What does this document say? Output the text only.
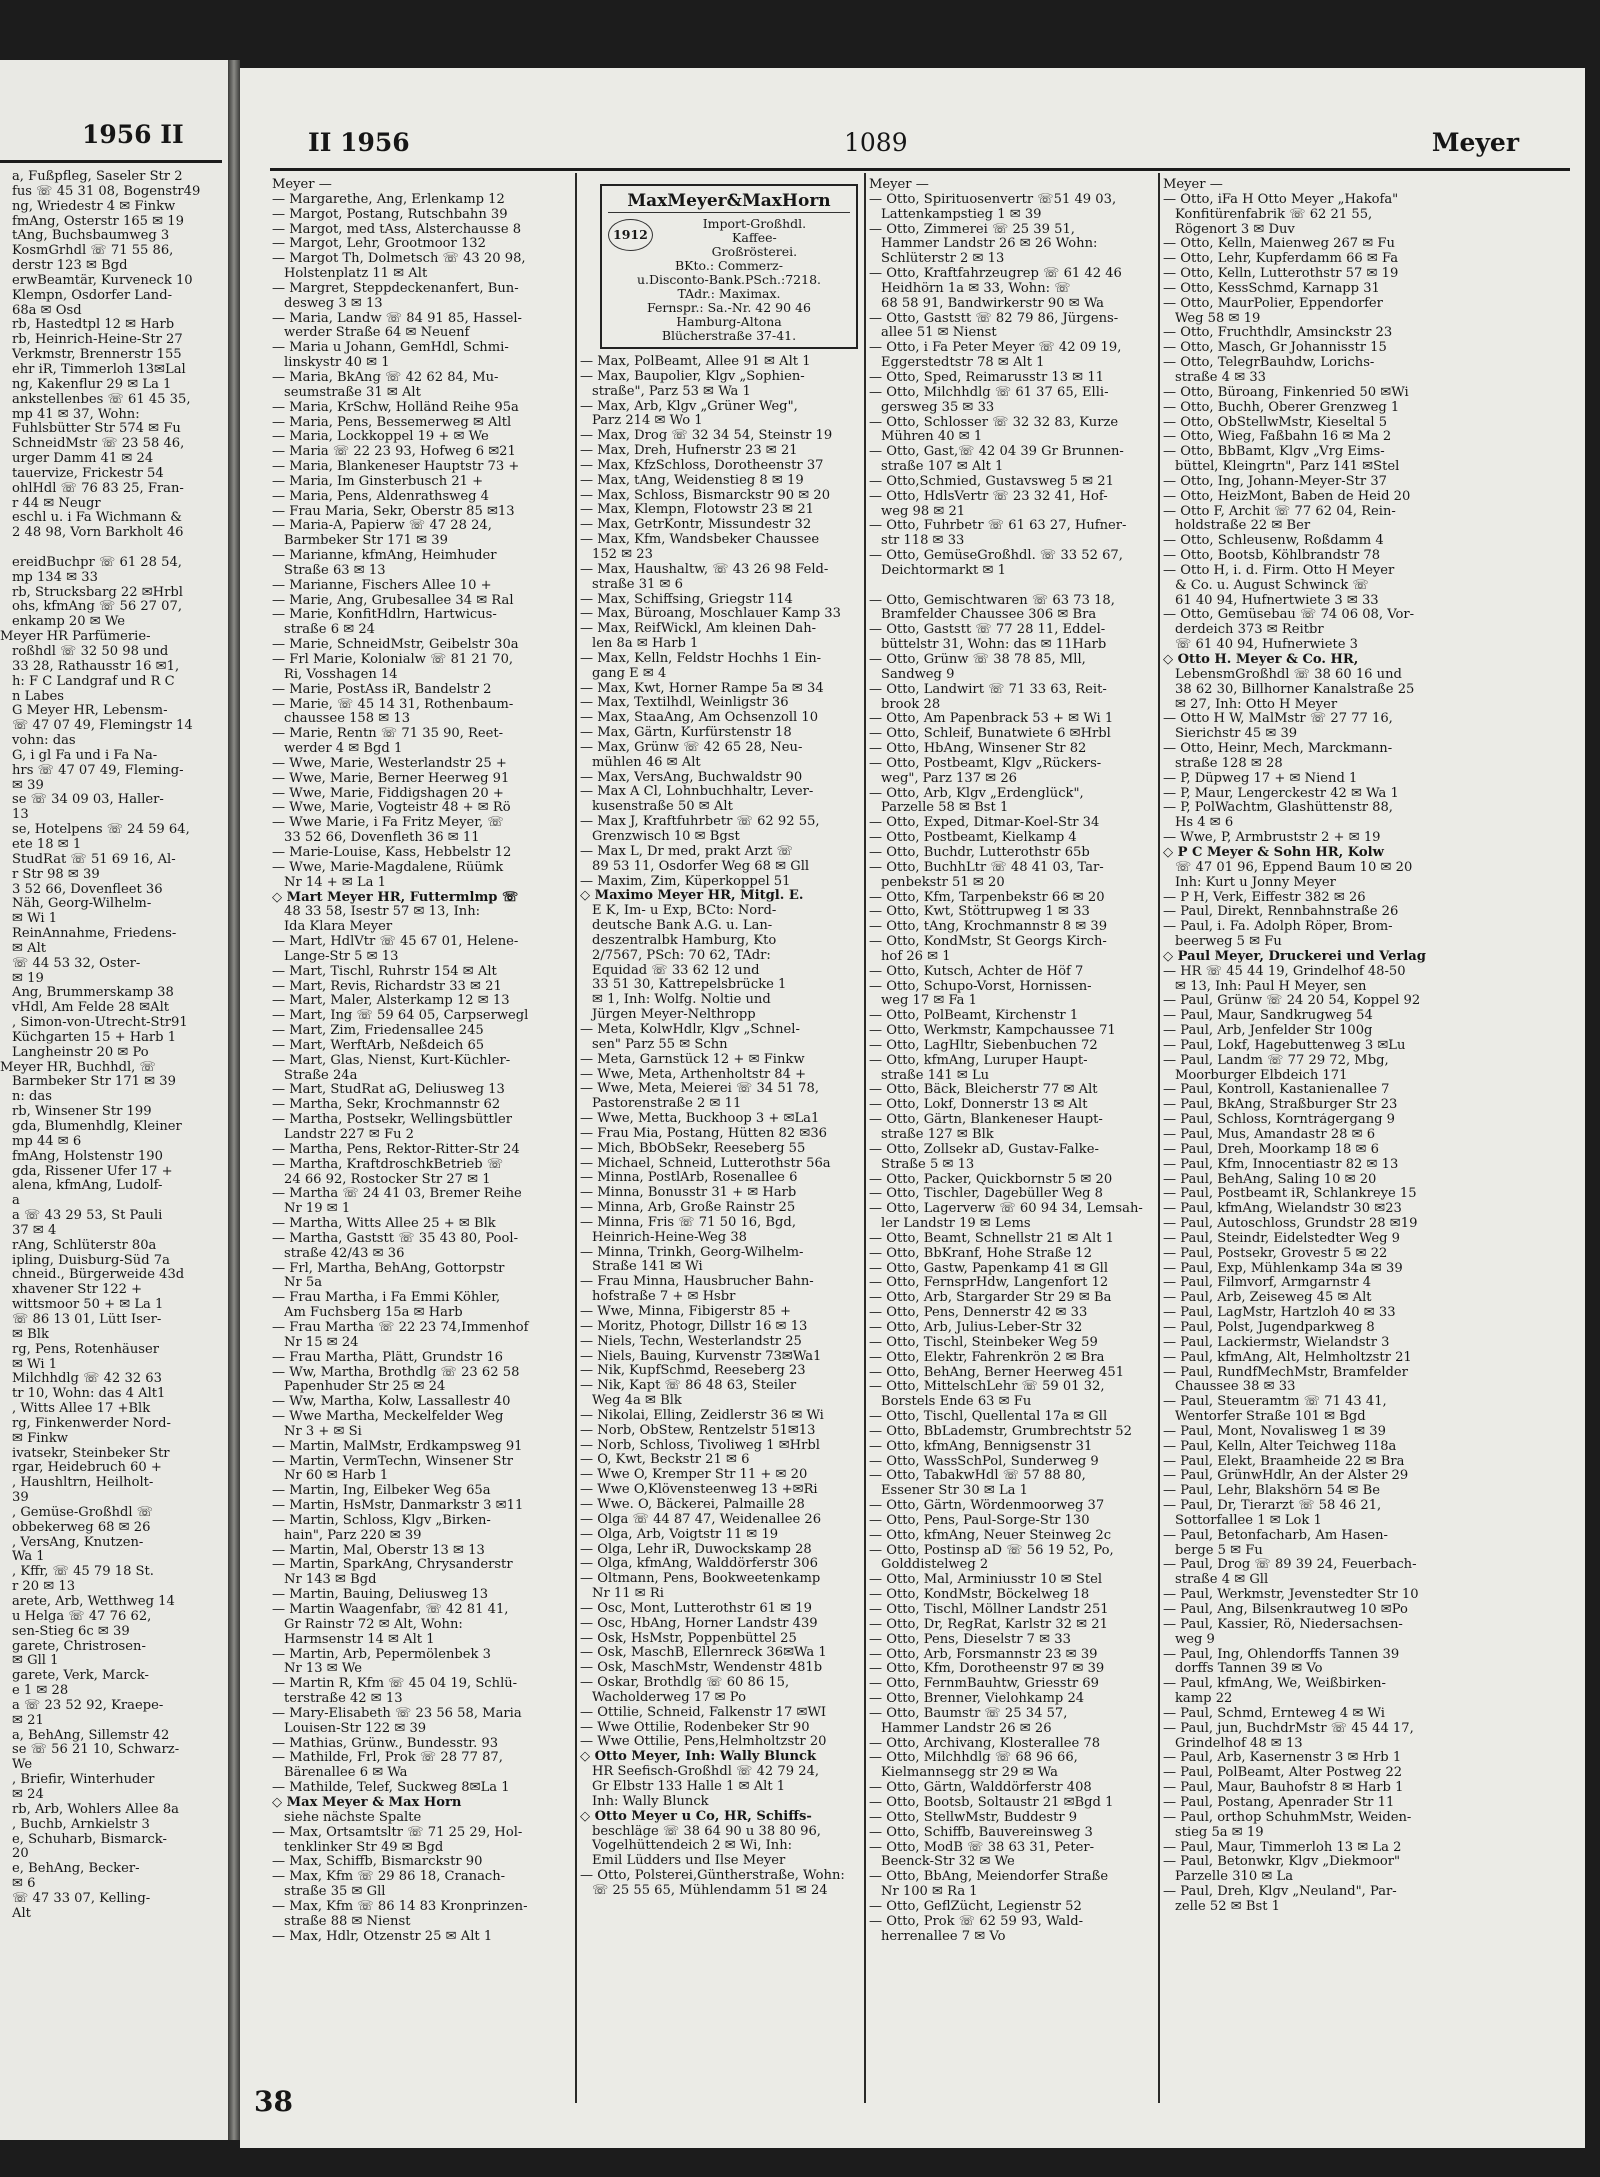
1956 II
a, Fußpfleg, Saseler Str 2
fus ☏ 45 31 08, Bogenstr49
ng, Wriedestr 4 ✉ Finkw
fmAng, Osterstr 165 ✉ 19
tAng, Buchsbaumweg 3
KosmGrhdl ☏ 71 55 86,
derstr 123 ✉ Bgd
erwBeamtär, Kurveneck 10
Klempn, Osdorfer Land-
68a ✉ Osd
rb, Hastedtpl 12 ✉ Harb
rb, Heinrich-Heine-Str 27
Verkmstr, Brennerstr 155
ehr iR, Timmerloh 13✉Lal
ng, Kakenflur 29 ✉ La 1
ankstellenbes ☏ 61 45 35,
mp 41 ✉ 37, Wohn:
Fuhlsbütter Str 574 ✉ Fu
SchneidMstr ☏ 23 58 46,
urger Damm 41 ✉ 24
tauervize, Frickestr 54
ohlHdl ☏ 76 83 25, Fran-
r 44 ✉ Neugr
eschl u. i Fa Wichmann &
2 48 98, Vorn Barkholt 46

ereidBuchpr ☏ 61 28 54,
mp 134 ✉ 33
rb, Strucksbarg 22 ✉Hrbl
ohs, kfmAng ☏ 56 27 07,
enkamp 20 ✉ We
Meyer HR Parfümerie-
roßhdl ☏ 32 50 98 und
33 28, Rathausstr 16 ✉1,
h: F C Landgraf und R C
n Labes
G Meyer HR, Lebensm-
☏ 47 07 49, Flemingstr 14
vohn: das
G, i gl Fa und i Fa Na-
hrs ☏ 47 07 49, Fleming-
✉ 39
se ☏ 34 09 03, Haller-
13
se, Hotelpens ☏ 24 59 64,
ete 18 ✉ 1
StudRat ☏ 51 69 16, Al-
r Str 98 ✉ 39
3 52 66, Dovenfleet 36
Näh, Georg-Wilhelm-
✉ Wi 1
ReinAnnahme, Friedens-
✉ Alt
☏ 44 53 32, Oster-
✉ 19
Ang, Brummerskamp 38
vHdl, Am Felde 28 ✉Alt
, Simon-von-Utrecht-Str91
Küchgarten 15 + Harb 1
Langheinstr 20 ✉ Po
Meyer HR, Buchhdl, ☏
Barmbeker Str 171 ✉ 39
n: das
rb, Winsener Str 199
gda, Blumenhdlg, Kleiner
mp 44 ✉ 6
fmAng, Holstenstr 190
gda, Rissener Ufer 17 +
alena, kfmAng, Ludolf-
a
a ☏ 43 29 53, St Pauli
37 ✉ 4
rAng, Schlüterstr 80a
ipling, Duisburg-Süd 7a
chneid., Bürgerweide 43d
xhavener Str 122 +
wittsmoor 50 + ✉ La 1
☏ 86 13 01, Lütt Iser-
✉ Blk
rg, Pens, Rotenhäuser
✉ Wi 1
Milchhdlg ☏ 42 32 63
tr 10, Wohn: das 4 Alt1
, Witts Allee 17 +Blk
rg, Finkenwerder Nord-
✉ Finkw
ivatsekr, Steinbeker Str
rgar, Heidebruch 60 +
, Haushltrn, Heilholt-
39
, Gemüse-Großhdl ☏
obbekerweg 68 ✉ 26
, VersAng, Knutzen-
Wa 1
, Kffr, ☏ 45 79 18 St.
r 20 ✉ 13
arete, Arb, Wetthweg 14
u Helga ☏ 47 76 62,
sen-Stieg 6c ✉ 39
garete, Christrosen-
✉ Gll 1
garete, Verk, Marck-
e 1 ✉ 28
a ☏ 23 52 92, Kraepe-
✉ 21
a, BehAng, Sillemstr 42
se ☏ 56 21 10, Schwarz-
We
, Briefir, Winterhuder
✉ 24
rb, Arb, Wohlers Allee 8a
, Buchb, Arnkielstr 3
e, Schuharb, Bismarck-
20
e, BehAng, Becker-
✉ 6
☏ 47 33 07, Kelling-
Alt
II 1956	1089	Meyer
Meyer —
— Margarethe, Ang, Erlenkamp 12
— Margot, Postang, Rutschbahn 39
— Margot, med tAss, Alsterchausse 8
— Margot, Lehr, Grootmoor 132
— Margot Th, Dolmetsch ☏ 43 20 98,
Holstenplatz 11 ✉ Alt
— Margret, Steppdeckenanfert, Bun-
desweg 3 ✉ 13
— Maria, Landw ☏ 84 91 85, Hassel-
werder Straße 64 ✉ Neuenf
— Maria u Johann, GemHdl, Schmi-
linskystr 40 ✉ 1
— Maria, BkAng ☏ 42 62 84, Mu-
seumstraße 31 ✉ Alt
— Maria, KrSchw, Holländ Reihe 95a
— Maria, Pens, Bessemerweg ✉ Altl
— Maria, Lockkoppel 19 + ✉ We
— Maria ☏ 22 23 93, Hofweg 6 ✉21
— Maria, Blankeneser Hauptstr 73 +
— Maria, Im Ginsterbusch 21 +
— Maria, Pens, Aldenrathsweg 4
— Frau Maria, Sekr, Oberstr 85 ✉13
— Maria-A, Papierw ☏ 47 28 24,
Barmbeker Str 171 ✉ 39
— Marianne, kfmAng, Heimhuder
Straße 63 ✉ 13
— Marianne, Fischers Allee 10 +
— Marie, Ang, Grubesallee 34 ✉ Ral
— Marie, KonfitHdlrn, Hartwicus-
straße 6 ✉ 24
— Marie, SchneidMstr, Geibelstr 30a
— Frl Marie, Kolonialw ☏ 81 21 70,
Ri, Vosshagen 14
— Marie, PostAss iR, Bandelstr 2
— Marie, ☏ 45 14 31, Rothenbaum-
chaussee 158 ✉ 13
— Marie, Rentn ☏ 71 35 90, Reet-
werder 4 ✉ Bgd 1
— Wwe, Marie, Westerlandstr 25 +
— Wwe, Marie, Berner Heerweg 91
— Wwe, Marie, Fiddigshagen 20 +
— Wwe, Marie, Vogteistr 48 + ✉ Rö
— Wwe Marie, i Fa Fritz Meyer, ☏
33 52 66, Dovenfleth 36 ✉ 11
— Marie-Louise, Kass, Hebbelstr 12
— Wwe, Marie-Magdalene, Rüümk
Nr 14 + ✉ La 1
◇ Mart Meyer HR, Futtermlmp ☏
48 33 58, Isestr 57 ✉ 13, Inh:
Ida Klara Meyer
— Mart, HdlVtr ☏ 45 67 01, Helene-
Lange-Str 5 ✉ 13
— Mart, Tischl, Ruhrstr 154 ✉ Alt
— Mart, Revis, Richardstr 33 ✉ 21
— Mart, Maler, Alsterkamp 12 ✉ 13
— Mart, Ing ☏ 59 64 05, Carpserwegl
— Mart, Zim, Friedensallee 245
— Mart, WerftArb, Neßdeich 65
— Mart, Glas, Nienst, Kurt-Küchler-
Straße 24a
— Mart, StudRat aG, Deliusweg 13
— Martha, Sekr, Krochmannstr 62
— Martha, Postsekr, Wellingsbüttler
Landstr 227 ✉ Fu 2
— Martha, Pens, Rektor-Ritter-Str 24
— Martha, KraftdroschkBetrieb ☏
24 66 92, Rostocker Str 27 ✉ 1
— Martha ☏ 24 41 03, Bremer Reihe
Nr 19 ✉ 1
— Martha, Witts Allee 25 + ✉ Blk
— Martha, Gaststt ☏ 35 43 80, Pool-
straße 42/43 ✉ 36
— Frl, Martha, BehAng, Gottorpstr
Nr 5a
— Frau Martha, i Fa Emmi Köhler,
Am Fuchsberg 15a ✉ Harb
— Frau Martha ☏ 22 23 74,Immenhof
Nr 15 ✉ 24
— Frau Martha, Plätt, Grundstr 16
— Ww, Martha, Brothdlg ☏ 23 62 58
Papenhuder Str 25 ✉ 24
— Ww, Martha, Kolw, Lassallestr 40
— Wwe Martha, Meckelfelder Weg
Nr 3 + ✉ Si
— Martin, MalMstr, Erdkampsweg 91
— Martin, VermTechn, Winsener Str
Nr 60 ✉ Harb 1
— Martin, Ing, Eilbeker Weg 65a
— Martin, HsMstr, Danmarkstr 3 ✉11
— Martin, Schloss, Klgv „Birken-
hain", Parz 220 ✉ 39
— Martin, Mal, Oberstr 13 ✉ 13
— Martin, SparkAng, Chrysanderstr
Nr 143 ✉ Bgd
— Martin, Bauing, Deliusweg 13
— Martin Waagenfabr, ☏ 42 81 41,
Gr Rainstr 72 ✉ Alt, Wohn:
Harmsenstr 14 ✉ Alt 1
— Martin, Arb, Pepermölenbek 3
Nr 13 ✉ We
— Martin R, Kfm ☏ 45 04 19, Schlü-
terstraße 42 ✉ 13
— Mary-Elisabeth ☏ 23 56 58, Maria
Louisen-Str 122 ✉ 39
— Mathias, Grünw., Bundesstr. 93
— Mathilde, Frl, Prok ☏ 28 77 87,
Bärenallee 6 ✉ Wa
— Mathilde, Telef, Suckweg 8✉La 1
◇ Max Meyer & Max Horn
siehe nächste Spalte
— Max, Ortsamtsltr ☏ 71 25 29, Hol-
tenklinker Str 49 ✉ Bgd
— Max, Schiffb, Bismarckstr 90
— Max, Kfm ☏ 29 86 18, Cranach-
straße 35 ✉ Gll
— Max, Kfm ☏ 86 14 83 Kronprinzen-
straße 88 ✉ Nienst
— Max, Hdlr, Otzenstr 25 ✉ Alt 1
MaxMeyer&MaxHorn
1912
Import-Großhdl.
Kaffee-
Großrösterei.
BKto.: Commerz-
u.Disconto-Bank.PSch.:7218.
TAdr.: Maximax.
Fernspr.: Sa.-Nr. 42 90 46
Hamburg-Altona
Blücherstraße 37-41.
— Max, PolBeamt, Allee 91 ✉ Alt 1
— Max, Baupolier, Klgv „Sophien-
straße", Parz 53 ✉ Wa 1
— Max, Arb, Klgv „Grüner Weg",
Parz 214 ✉ Wo 1
— Max, Drog ☏ 32 34 54, Steinstr 19
— Max, Dreh, Hufnerstr 23 ✉ 21
— Max, KfzSchloss, Dorotheenstr 37
— Max, tAng, Weidenstieg 8 ✉ 19
— Max, Schloss, Bismarckstr 90 ✉ 20
— Max, Klempn, Flotowstr 23 ✉ 21
— Max, GetrKontr, Missundestr 32
— Max, Kfm, Wandsbeker Chaussee
152 ✉ 23
— Max, Haushaltw, ☏ 43 26 98 Feld-
straße 31 ✉ 6
— Max, Schiffsing, Griegstr 114
— Max, Büroang, Moschlauer Kamp 33
— Max, ReifWickl, Am kleinen Dah-
len 8a ✉ Harb 1
— Max, Kelln, Feldstr Hochhs 1 Ein-
gang E ✉ 4
— Max, Kwt, Horner Rampe 5a ✉ 34
— Max, Textilhdl, Weinligstr 36
— Max, StaaAng, Am Ochsenzoll 10
— Max, Gärtn, Kurfürstenstr 18
— Max, Grünw ☏ 42 65 28, Neu-
mühlen 46 ✉ Alt
— Max, VersAng, Buchwaldstr 90
— Max A Cl, Lohnbuchhaltr, Lever-
kusenstraße 50 ✉ Alt
— Max J, Kraftfuhrbetr ☏ 62 92 55,
Grenzwisch 10 ✉ Bgst
— Max L, Dr med, prakt Arzt ☏
89 53 11, Osdorfer Weg 68 ✉ Gll
— Maxim, Zim, Küperkoppel 51
◇ Maximo Meyer HR, Mitgl. E.
E K, Im- u Exp, BCto: Nord-
deutsche Bank A.G. u. Lan-
deszentralbk Hamburg, Kto
2/7567, PSch: 70 62, TAdr:
Equidad ☏ 33 62 12 und
33 51 30, Kattrepelsbrücke 1
✉ 1, Inh: Wolfg. Noltie und
Jürgen Meyer-Nelthropp
— Meta, KolwHdlr, Klgv „Schnel-
sen" Parz 55 ✉ Schn
— Meta, Garnstück 12 + ✉ Finkw
— Wwe, Meta, Arthenholtstr 84 +
— Wwe, Meta, Meierei ☏ 34 51 78,
Pastorenstraße 2 ✉ 11
— Wwe, Metta, Buckhoop 3 + ✉La1
— Frau Mia, Postang, Hütten 82 ✉36
— Mich, BbObSekr, Reeseberg 55
— Michael, Schneid, Lutterothstr 56a
— Minna, PostlArb, Rosenallee 6
— Minna, Bonusstr 31 + ✉ Harb
— Minna, Arb, Große Rainstr 25
— Minna, Fris ☏ 71 50 16, Bgd,
Heinrich-Heine-Weg 38
— Minna, Trinkh, Georg-Wilhelm-
Straße 141 ✉ Wi
— Frau Minna, Hausbrucher Bahn-
hofstraße 7 + ✉ Hsbr
— Wwe, Minna, Fibigerstr 85 +
— Moritz, Photogr, Dillstr 16 ✉ 13
— Niels, Techn, Westerlandstr 25
— Niels, Bauing, Kurvenstr 73✉Wa1
— Nik, KupfSchmd, Reeseberg 23
— Nik, Kapt ☏ 86 48 63, Steiler
Weg 4a ✉ Blk
— Nikolai, Elling, Zeidlerstr 36 ✉ Wi
— Norb, ObStew, Rentzelstr 51✉13
— Norb, Schloss, Tivoliweg 1 ✉Hrbl
— O, Kwt, Beckstr 21 ✉ 6
— Wwe O, Kremper Str 11 + ✉ 20
— Wwe O,Klövensteenweg 13 +✉Ri
— Wwe. O, Bäckerei, Palmaille 28
— Olga ☏ 44 87 47, Weidenallee 26
— Olga, Arb, Voigtstr 11 ✉ 19
— Olga, Lehr iR, Duwockskamp 28
— Olga, kfmAng, Walddörferstr 306
— Oltmann, Pens, Bookweetenkamp
Nr 11 ✉ Ri
— Osc, Mont, Lutterothstr 61 ✉ 19
— Osc, HbAng, Horner Landstr 439
— Osk, HsMstr, Poppenbüttel 25
— Osk, MaschB, Ellernreck 36✉Wa 1
— Osk, MaschMstr, Wendenstr 481b
— Oskar, Brothdlg ☏ 60 86 15,
Wacholderweg 17 ✉ Po
— Ottilie, Schneid, Falkenstr 17 ✉WI
— Wwe Ottilie, Rodenbeker Str 90
— Wwe Ottilie, Pens,Helmholtzstr 20
◇ Otto Meyer, Inh: Wally Blunck
HR Seefisch-Großhdl ☏ 42 79 24,
Gr Elbstr 133 Halle 1 ✉ Alt 1
Inh: Wally Blunck
◇ Otto Meyer u Co, HR, Schiffs-
beschläge ☏ 38 64 90 u 38 80 96,
Vogelhüttendeich 2 ✉ Wi, Inh:
Emil Lüdders und Ilse Meyer
— Otto, Polsterei,Güntherstraße, Wohn:
☏ 25 55 65, Mühlendamm 51 ✉ 24
Meyer —
— Otto, Spirituosenvertr ☏51 49 03,
Lattenkampstieg 1 ✉ 39
— Otto, Zimmerei ☏ 25 39 51,
Hammer Landstr 26 ✉ 26 Wohn:
Schlüterstr 2 ✉ 13
— Otto, Kraftfahrzeugrep ☏ 61 42 46
Heidhörn 1a ✉ 33, Wohn: ☏
68 58 91, Bandwirkerstr 90 ✉ Wa
— Otto, Gaststt ☏ 82 79 86, Jürgens-
allee 51 ✉ Nienst
— Otto, i Fa Peter Meyer ☏ 42 09 19,
Eggerstedtstr 78 ✉ Alt 1
— Otto, Sped, Reimarusstr 13 ✉ 11
— Otto, Milchhdlg ☏ 61 37 65, Elli-
gersweg 35 ✉ 33
— Otto, Schlosser ☏ 32 32 83, Kurze
Mühren 40 ✉ 1
— Otto, Gast,☏ 42 04 39 Gr Brunnen-
straße 107 ✉ Alt 1
— Otto,Schmied, Gustavsweg 5 ✉ 21
— Otto, HdlsVertr ☏ 23 32 41, Hof-
weg 98 ✉ 21
— Otto, Fuhrbetr ☏ 61 63 27, Hufner-
str 118 ✉ 33
— Otto, GemüseGroßhdl. ☏ 33 52 67,
Deichtormarkt ✉ 1

— Otto, Gemischtwaren ☏ 63 73 18,
Bramfelder Chaussee 306 ✉ Bra
— Otto, Gaststt ☏ 77 28 11, Eddel-
büttelstr 31, Wohn: das ✉ 11Harb
— Otto, Grünw ☏ 38 78 85, Mll,
Sandweg 9
— Otto, Landwirt ☏ 71 33 63, Reit-
brook 28
— Otto, Am Papenbrack 53 + ✉ Wi 1
— Otto, Schleif, Bunatwiete 6 ✉Hrbl
— Otto, HbAng, Winsener Str 82
— Otto, Postbeamt, Klgv „Rückers-
weg", Parz 137 ✉ 26
— Otto, Arb, Klgv „Erdenglück",
Parzelle 58 ✉ Bst 1
— Otto, Exped, Ditmar-Koel-Str 34
— Otto, Postbeamt, Kielkamp 4
— Otto, Buchdr, Lutterothstr 65b
— Otto, BuchhLtr ☏ 48 41 03, Tar-
penbekstr 51 ✉ 20
— Otto, Kfm, Tarpenbekstr 66 ✉ 20
— Otto, Kwt, Stöttrupweg 1 ✉ 33
— Otto, tAng, Krochmannstr 8 ✉ 39
— Otto, KondMstr, St Georgs Kirch-
hof 26 ✉ 1
— Otto, Kutsch, Achter de Höf 7
— Otto, Schupo-Vorst, Hornissen-
weg 17 ✉ Fa 1
— Otto, PolBeamt, Kirchenstr 1
— Otto, Werkmstr, Kampchaussee 71
— Otto, LagHltr, Siebenbuchen 72
— Otto, kfmAng, Luruper Haupt-
straße 141 ✉ Lu
— Otto, Bäck, Bleicherstr 77 ✉ Alt
— Otto, Lokf, Donnerstr 13 ✉ Alt
— Otto, Gärtn, Blankeneser Haupt-
straße 127 ✉ Blk
— Otto, Zollsekr aD, Gustav-Falke-
Straße 5 ✉ 13
— Otto, Packer, Quickbornstr 5 ✉ 20
— Otto, Tischler, Dagebüller Weg 8
— Otto, Lagerverw ☏ 60 94 34, Lemsah-
ler Landstr 19 ✉ Lems
— Otto, Beamt, Schnellstr 21 ✉ Alt 1
— Otto, BbKranf, Hohe Straße 12
— Otto, Gastw, Papenkamp 41 ✉ Gll
— Otto, FernsprHdw, Langenfort 12
— Otto, Arb, Stargarder Str 29 ✉ Ba
— Otto, Pens, Dennerstr 42 ✉ 33
— Otto, Arb, Julius-Leber-Str 32
— Otto, Tischl, Steinbeker Weg 59
— Otto, Elektr, Fahrenkrön 2 ✉ Bra
— Otto, BehAng, Berner Heerweg 451
— Otto, MittelschLehr ☏ 59 01 32,
Borstels Ende 63 ✉ Fu
— Otto, Tischl, Quellental 17a ✉ Gll
— Otto, BbLademstr, Grumbrechtstr 52
— Otto, kfmAng, Bennigsenstr 31
— Otto, WassSchPol, Sunderweg 9
— Otto, TabakwHdl ☏ 57 88 80,
Essener Str 30 ✉ La 1
— Otto, Gärtn, Wördenmoorweg 37
— Otto, Pens, Paul-Sorge-Str 130
— Otto, kfmAng, Neuer Steinweg 2c
— Otto, Postinsp aD ☏ 56 19 52, Po,
Golddistelweg 2
— Otto, Mal, Arminiusstr 10 ✉ Stel
— Otto, KondMstr, Böckelweg 18
— Otto, Tischl, Möllner Landstr 251
— Otto, Dr, RegRat, Karlstr 32 ✉ 21
— Otto, Pens, Dieselstr 7 ✉ 33
— Otto, Arb, Forsmannstr 23 ✉ 39
— Otto, Kfm, Dorotheenstr 97 ✉ 39
— Otto, FernmBauhtw, Griesstr 69
— Otto, Brenner, Vielohkamp 24
— Otto, Baumstr ☏ 25 34 57,
Hammer Landstr 26 ✉ 26
— Otto, Archivang, Klosterallee 78
— Otto, Milchhdlg ☏ 68 96 66,
Kielmannsegg str 29 ✉ Wa
— Otto, Gärtn, Walddörferstr 408
— Otto, Bootsb, Soltaustr 21 ✉Bgd 1
— Otto, StellwMstr, Buddestr 9
— Otto, Schiffb, Bauvereinsweg 3
— Otto, ModB ☏ 38 63 31, Peter-
Beenck-Str 32 ✉ We
— Otto, BbAng, Meiendorfer Straße
Nr 100 ✉ Ra 1
— Otto, GeflZücht, Legienstr 52
— Otto, Prok ☏ 62 59 93, Wald-
herrenallee 7 ✉ Vo
Meyer —
— Otto, iFa H Otto Meyer „Hakofa"
Konfitürenfabrik ☏ 62 21 55,
Rögenort 3 ✉ Duv
— Otto, Kelln, Maienweg 267 ✉ Fu
— Otto, Lehr, Kupferdamm 66 ✉ Fa
— Otto, Kelln, Lutterothstr 57 ✉ 19
— Otto, KessSchmd, Karnapp 31
— Otto, MaurPolier, Eppendorfer
Weg 58 ✉ 19
— Otto, Fruchthdlr, Amsinckstr 23
— Otto, Masch, Gr Johannisstr 15
— Otto, TelegrBauhdw, Lorichs-
straße 4 ✉ 33
— Otto, Büroang, Finkenried 50 ✉Wi
— Otto, Buchh, Oberer Grenzweg 1
— Otto, ObStellwMstr, Kieseltal 5
— Otto, Wieg, Faßbahn 16 ✉ Ma 2
— Otto, BbBamt, Klgv „Vrg Eims-
büttel, Kleingrtn", Parz 141 ✉Stel
— Otto, Ing, Johann-Meyer-Str 37
— Otto, HeizMont, Baben de Heid 20
— Otto F, Archit ☏ 77 62 04, Rein-
holdstraße 22 ✉ Ber
— Otto, Schleusenw, Roßdamm 4
— Otto, Bootsb, Köhlbrandstr 78
— Otto H, i. d. Firm. Otto H Meyer
& Co. u. August Schwinck ☏
61 40 94, Hufnertwiete 3 ✉ 33
— Otto, Gemüsebau ☏ 74 06 08, Vor-
derdeich 373 ✉ Reitbr
☏ 61 40 94, Hufnerwiete 3
◇ Otto H. Meyer & Co. HR,
LebensmGroßhdl ☏ 38 60 16 und
38 62 30, Billhorner Kanalstraße 25
✉ 27, Inh: Otto H Meyer
— Otto H W, MalMstr ☏ 27 77 16,
Sierichstr 45 ✉ 39
— Otto, Heinr, Mech, Marckmann-
straße 128 ✉ 28
— P, Düpweg 17 + ✉ Niend 1
— P, Maur, Lengerckestr 42 ✉ Wa 1
— P, PolWachtm, Glashüttenstr 88,
Hs 4 ✉ 6
— Wwe, P, Armbruststr 2 + ✉ 19
◇ P C Meyer & Sohn HR, Kolw
☏ 47 01 96, Eppend Baum 10 ✉ 20
Inh: Kurt u Jonny Meyer
— P H, Verk, Eiffestr 382 ✉ 26
— Paul, Direkt, Rennbahnstraße 26
— Paul, i. Fa. Adolph Röper, Brom-
beerweg 5 ✉ Fu
◇ Paul Meyer, Druckerei und Verlag
— HR ☏ 45 44 19, Grindelhof 48-50
✉ 13, Inh: Paul H Meyer, sen
— Paul, Grünw ☏ 24 20 54, Koppel 92
— Paul, Maur, Sandkrugweg 54
— Paul, Arb, Jenfelder Str 100g
— Paul, Lokf, Hagebuttenweg 3 ✉Lu
— Paul, Landm ☏ 77 29 72, Mbg,
Moorburger Elbdeich 171
— Paul, Kontroll, Kastanienallee 7
— Paul, BkAng, Straßburger Str 23
— Paul, Schloss, Korntrágergang 9
— Paul, Mus, Amandastr 28 ✉ 6
— Paul, Dreh, Moorkamp 18 ✉ 6
— Paul, Kfm, Innocentiastr 82 ✉ 13
— Paul, BehAng, Saling 10 ✉ 20
— Paul, Postbeamt iR, Schlankreye 15
— Paul, kfmAng, Wielandstr 30 ✉23
— Paul, Autoschloss, Grundstr 28 ✉19
— Paul, Steindr, Eidelstedter Weg 9
— Paul, Postsekr, Grovestr 5 ✉ 22
— Paul, Exp, Mühlenkamp 34a ✉ 39
— Paul, Filmvorf, Armgarnstr 4
— Paul, Arb, Zeiseweg 45 ✉ Alt
— Paul, LagMstr, Hartzloh 40 ✉ 33
— Paul, Polst, Jugendparkweg 8
— Paul, Lackiermstr, Wielandstr 3
— Paul, kfmAng, Alt, Helmholtzstr 21
— Paul, RundfMechMstr, Bramfelder
Chaussee 38 ✉ 33
— Paul, Steueramtm ☏ 71 43 41,
Wentorfer Straße 101 ✉ Bgd
— Paul, Mont, Novalisweg 1 ✉ 39
— Paul, Kelln, Alter Teichweg 118a
— Paul, Elekt, Braamheide 22 ✉ Bra
— Paul, GrünwHdlr, An der Alster 29
— Paul, Lehr, Blakshörn 54 ✉ Be
— Paul, Dr, Tierarzt ☏ 58 46 21,
Sottorfallee 1 ✉ Lok 1
— Paul, Betonfacharb, Am Hasen-
berge 5 ✉ Fu
— Paul, Drog ☏ 89 39 24, Feuerbach-
straße 4 ✉ Gll
— Paul, Werkmstr, Jevenstedter Str 10
— Paul, Ang, Bilsenkrautweg 10 ✉Po
— Paul, Kassier, Rö, Niedersachsen-
weg 9
— Paul, Ing, Ohlendorffs Tannen 39
dorffs Tannen 39 ✉ Vo
— Paul, kfmAng, We, Weißbirken-
kamp 22
— Paul, Schmd, Ernteweg 4 ✉ Wi
— Paul, jun, BuchdrMstr ☏ 45 44 17,
Grindelhof 48 ✉ 13
— Paul, Arb, Kasernenstr 3 ✉ Hrb 1
— Paul, PolBeamt, Alter Postweg 22
— Paul, Maur, Bauhofstr 8 ✉ Harb 1
— Paul, Postang, Apenrader Str 11
— Paul, orthop SchuhmMstr, Weiden-
stieg 5a ✉ 19
— Paul, Maur, Timmerloh 13 ✉ La 2
— Paul, Betonwkr, Klgv „Diekmoor"
Parzelle 310 ✉ La
— Paul, Dreh, Klgv „Neuland", Par-
zelle 52 ✉ Bst 1
38
